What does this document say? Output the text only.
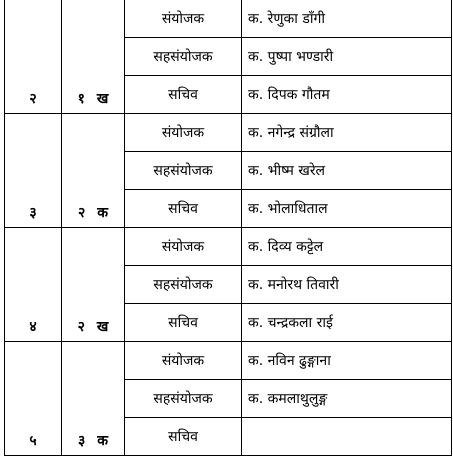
२	१ ख	संयोजक	क. रेणुका डाँगी
		सहसंयोजक	क. पुष्पा भण्डारी
		सचिव	क. दिपक गौतम
३	२ क	संयोजक	क. नगेन्द्र संग्रौला
		सहसंयोजक	क. भीष्म खरेल
		सचिव	क. भोलाधिताल
४	२ ख	संयोजक	क. दिव्य कट्टेल
		सहसंयोजक	क. मनोरथ तिवारी
		सचिव	क. चन्द्रकला राई
५	३ क	संयोजक	क. नविन ढुङ्गाना
		सहसंयोजक	क. कमलाथुलुङ्ग
		सचिव	
